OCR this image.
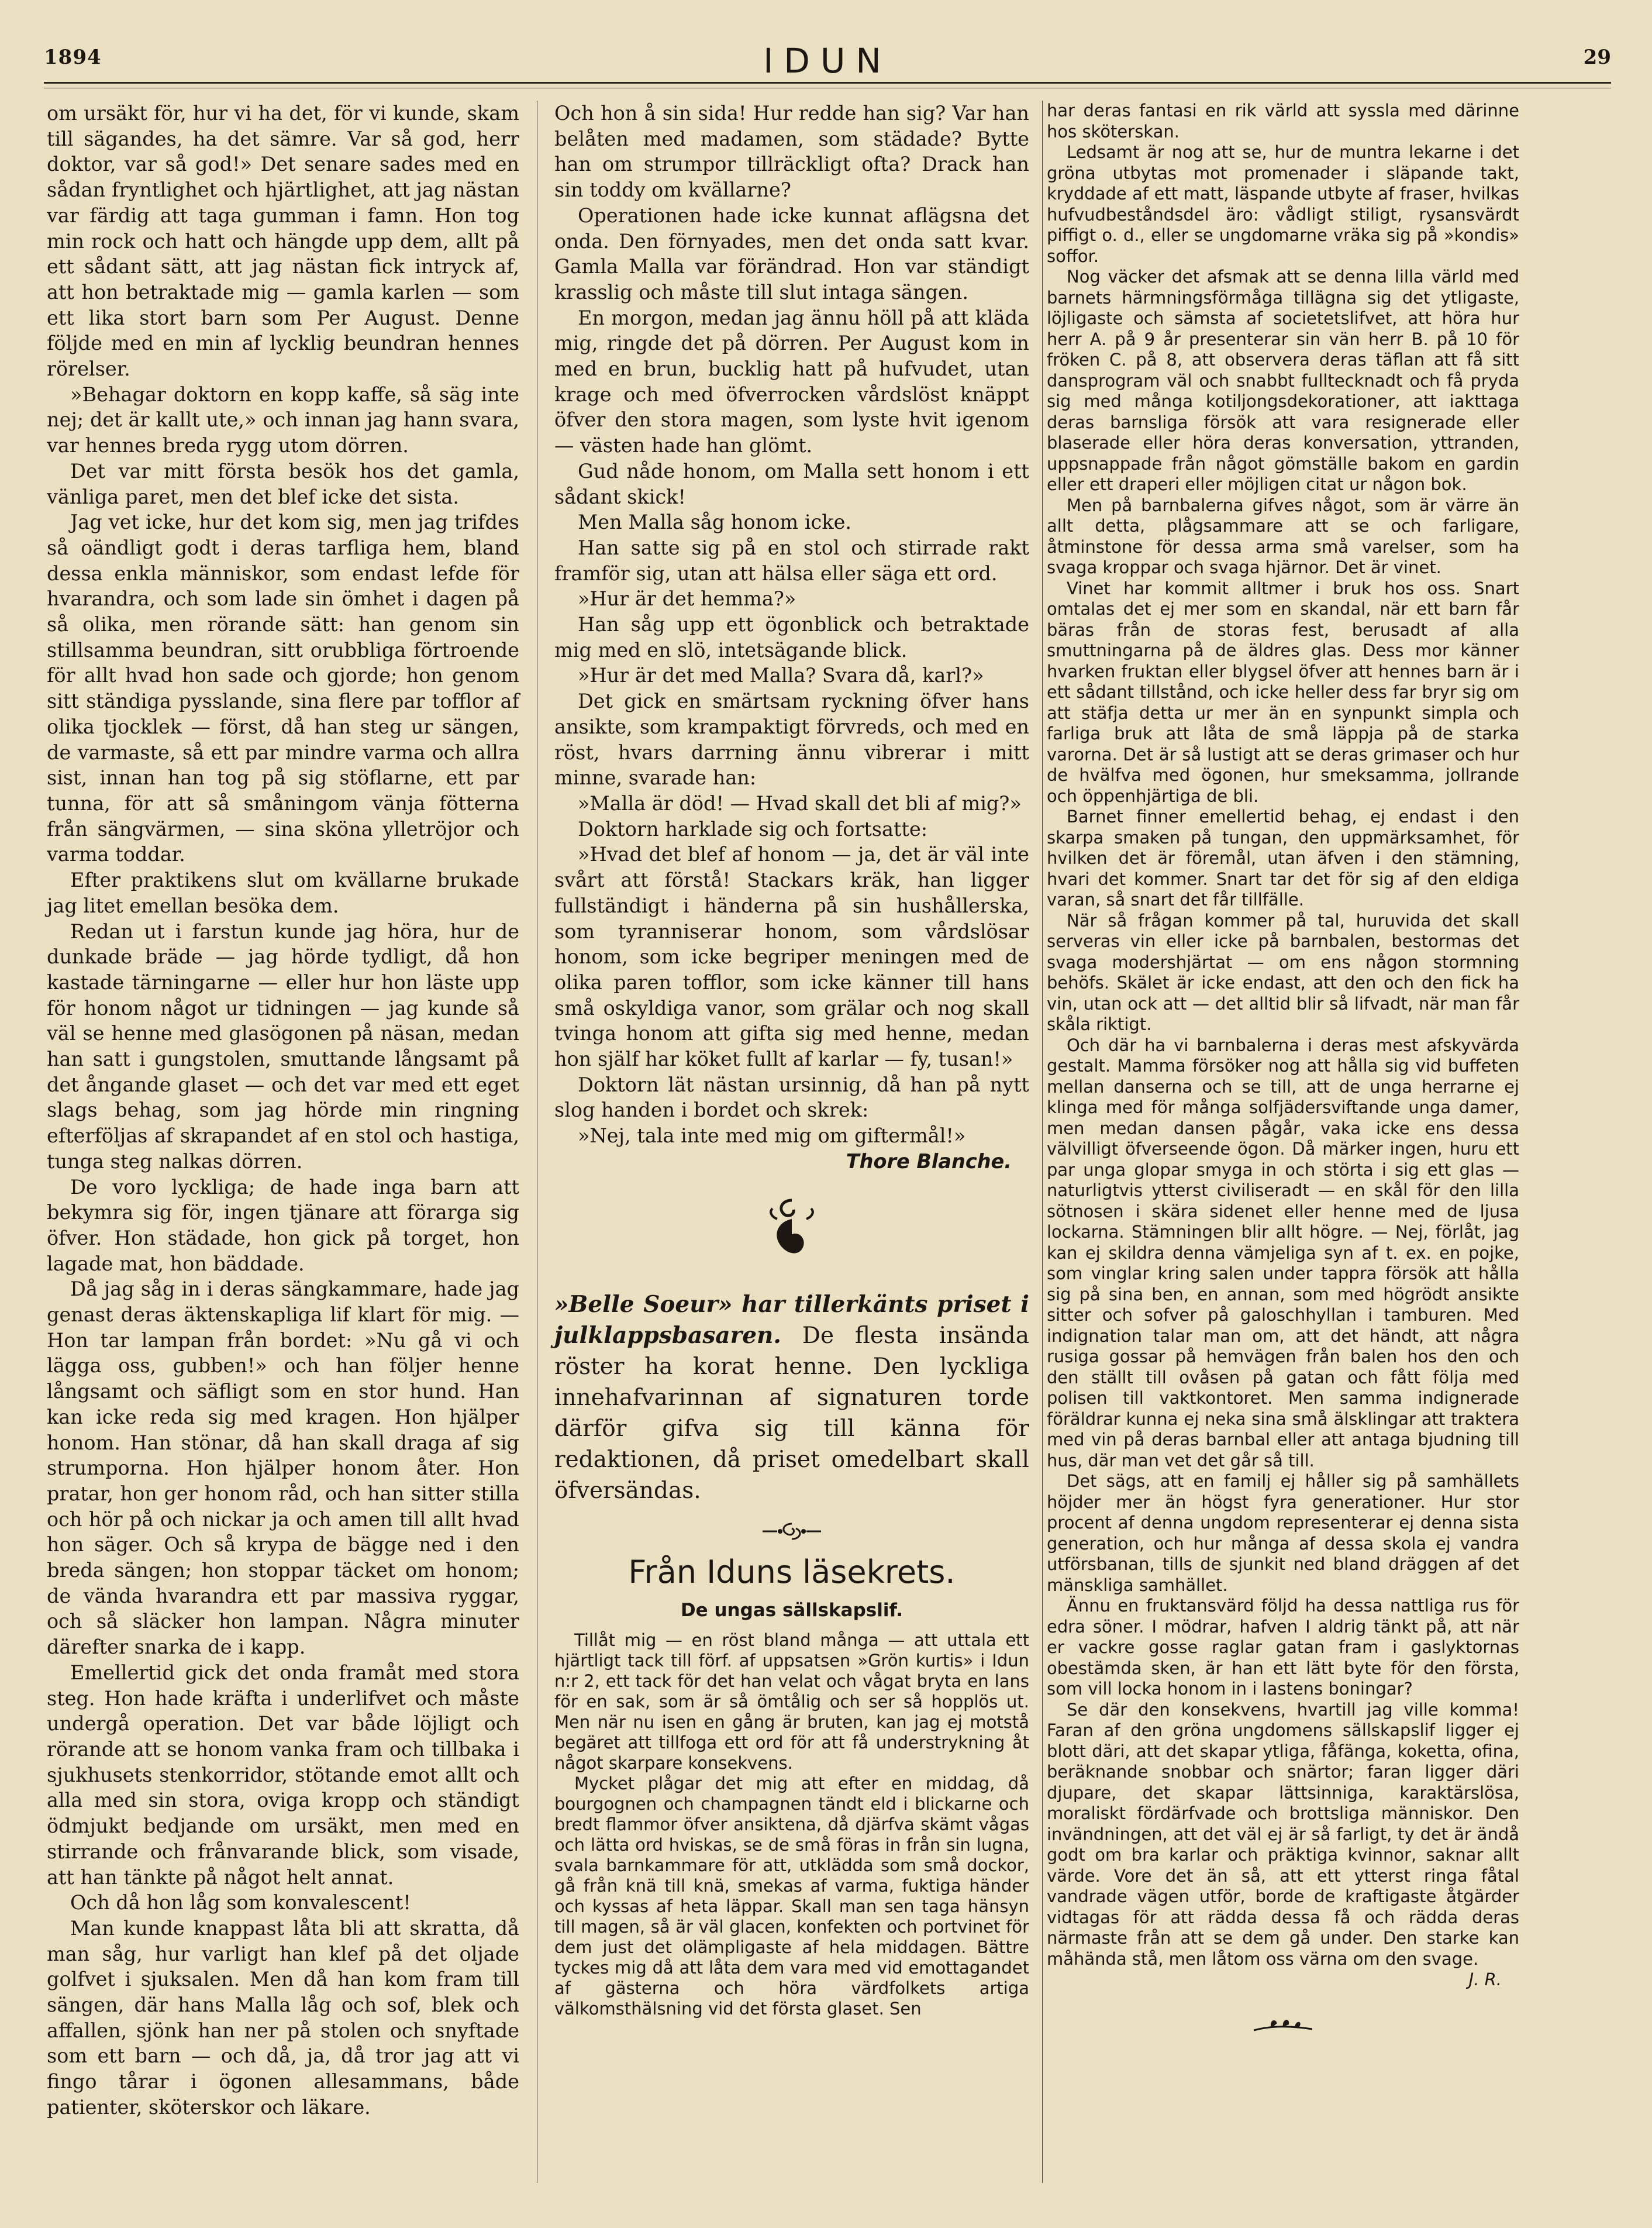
1894	IDUN	29

om ursäkt för, hur vi ha det, för vi kunde, skam till sägandes, ha det sämre. Var så god, herr doktor, var så god!» Det senare sades med en sådan fryntlighet och hjärtlighet, att jag nästan var färdig att taga gumman i famn. Hon tog min rock och hatt och hängde upp dem, allt på ett sådant sätt, att jag nästan fick intryck af, att hon betraktade mig — gamla karlen — som ett lika stort barn som Per August. Denne följde med en min af lycklig beundran hennes rörelser.

»Behagar doktorn en kopp kaffe, så säg inte nej; det är kallt ute,» och innan jag hann svara, var hennes breda rygg utom dörren.

Det var mitt första besök hos det gamla, vänliga paret, men det blef icke det sista.

Jag vet icke, hur det kom sig, men jag trifdes så oändligt godt i deras tarfliga hem, bland dessa enkla människor, som endast lefde för hvarandra, och som lade sin ömhet i dagen på så olika, men rörande sätt: han genom sin stillsamma beundran, sitt orubbliga förtroende för allt hvad hon sade och gjorde; hon genom sitt ständiga pysslande, sina flere par tofflor af olika tjocklek — först, då han steg ur sängen, de varmaste, så ett par mindre varma och allra sist, innan han tog på sig stöflarne, ett par tunna, för att så småningom vänja fötterna från sängvärmen, — sina sköna ylletröjor och varma toddar.

Efter praktikens slut om kvällarne brukade jag litet emellan besöka dem.

Redan ut i farstun kunde jag höra, hur de dunkade bräde — jag hörde tydligt, då hon kastade tärningarne — eller hur hon läste upp för honom något ur tidningen — jag kunde så väl se henne med glasögonen på näsan, medan han satt i gungstolen, smuttande långsamt på det ångande glaset — och det var med ett eget slags behag, som jag hörde min ringning efterföljas af skrapandet af en stol och hastiga, tunga steg nalkas dörren.

De voro lyckliga; de hade inga barn att bekymra sig för, ingen tjänare att förarga sig öfver. Hon städade, hon gick på torget, hon lagade mat, hon bäddade.

Då jag såg in i deras sängkammare, hade jag genast deras äktenskapliga lif klart för mig. — Hon tar lampan från bordet: »Nu gå vi och lägga oss, gubben!» och han följer henne långsamt och säfligt som en stor hund. Han kan icke reda sig med kragen. Hon hjälper honom. Han stönar, då han skall draga af sig strumporna. Hon hjälper honom åter. Hon pratar, hon ger honom råd, och han sitter stilla och hör på och nickar ja och amen till allt hvad hon säger. Och så krypa de bägge ned i den breda sängen; hon stoppar täcket om honom; de vända hvarandra ett par massiva ryggar, och så släcker hon lampan. Några minuter därefter snarka de i kapp.

Emellertid gick det onda framåt med stora steg. Hon hade kräfta i underlifvet och måste undergå operation. Det var både löjligt och rörande att se honom vanka fram och tillbaka i sjukhusets stenkorridor, stötande emot allt och alla med sin stora, oviga kropp och ständigt ödmjukt bedjande om ursäkt, men med en stirrande och frånvarande blick, som visade, att han tänkte på något helt annat.

Och då hon låg som konvalescent!

Man kunde knappast låta bli att skratta, då man såg, hur varligt han klef på det oljade golfvet i sjuksalen. Men då han kom fram till sängen, där hans Malla låg och sof, blek och affallen, sjönk han ner på stolen och snyftade som ett barn — och då, ja, då tror jag att vi fingo tårar i ögonen allesammans, både patienter, sköterskor och läkare.

Och hon å sin sida! Hur redde han sig? Var han belåten med madamen, som städade? Bytte han om strumpor tillräckligt ofta? Drack han sin toddy om kvällarne?

Operationen hade icke kunnat aflägsna det onda. Den förnyades, men det onda satt kvar. Gamla Malla var förändrad. Hon var ständigt krasslig och måste till slut intaga sängen.

En morgon, medan jag ännu höll på att kläda mig, ringde det på dörren. Per August kom in med en brun, bucklig hatt på hufvudet, utan krage och med öfverrocken vårdslöst knäppt öfver den stora magen, som lyste hvit igenom — västen hade han glömt.

Gud nåde honom, om Malla sett honom i ett sådant skick!

Men Malla såg honom icke.

Han satte sig på en stol och stirrade rakt framför sig, utan att hälsa eller säga ett ord.

»Hur är det hemma?»

Han såg upp ett ögonblick och betraktade mig med en slö, intetsägande blick.

»Hur är det med Malla? Svara då, karl?»

Det gick en smärtsam ryckning öfver hans ansikte, som krampaktigt förvreds, och med en röst, hvars darrning ännu vibrerar i mitt minne, svarade han:

»Malla är död! — Hvad skall det bli af mig?»

Doktorn harklade sig och fortsatte:

»Hvad det blef af honom — ja, det är väl inte svårt att förstå! Stackars kräk, han ligger fullständigt i händerna på sin hushållerska, som tyranniserar honom, som vårdslösar honom, som icke begriper meningen med de olika paren tofflor, som icke känner till hans små oskyldiga vanor, som grälar och nog skall tvinga honom att gifta sig med henne, medan hon själf har köket fullt af karlar — fy, tusan!»

Doktorn lät nästan ursinnig, då han på nytt slog handen i bordet och skrek:

»Nej, tala inte med mig om giftermål!»

Thore Blanche.
»Belle Soeur» har tillerkänts priset i julklappsbasaren. De flesta insända röster ha korat henne. Den lyckliga innehafvarinnan af signaturen torde därför gifva sig till känna för redaktionen, då priset omedelbart skall öfversändas.
Från Iduns läsekrets.
De ungas sällskapslif.

Tillåt mig — en röst bland många — att uttala ett hjärtligt tack till förf. af uppsatsen »Grön kurtis» i Idun n:r 2, ett tack för det han velat och vågat bryta en lans för en sak, som är så ömtålig och ser så hopplös ut. Men när nu isen en gång är bruten, kan jag ej motstå begäret att tillfoga ett ord för att få understrykning åt något skarpare konsekvens.

Mycket plågar det mig att efter en middag, då bourgognen och champagnen tändt eld i blickarne och bredt flammor öfver ansiktena, då djärfva skämt vågas och lätta ord hviskas, se de små föras in från sin lugna, svala barnkammare för att, utklädda som små dockor, gå från knä till knä, smekas af varma, fuktiga händer och kyssas af heta läppar. Skall man sen taga hänsyn till magen, så är väl glacen, konfekten och portvinet för dem just det olämpligaste af hela middagen. Bättre tyckes mig då att låta dem vara med vid emottagandet af gästerna och höra värdfolkets artiga välkomsthälsning vid det första glaset. Sen

har deras fantasi en rik värld att syssla med därinne hos sköterskan.

Ledsamt är nog att se, hur de muntra lekarne i det gröna utbytas mot promenader i släpande takt, kryddade af ett matt, läspande utbyte af fraser, hvilkas hufvudbeståndsdel äro: vådligt stiligt, rysansvärdt piffigt o. d., eller se ungdomarne vräka sig på »kondis» soffor.

Nog väcker det afsmak att se denna lilla värld med barnets härmningsförmåga tillägna sig det ytligaste, löjligaste och sämsta af societetslifvet, att höra hur herr A. på 9 år presenterar sin vän herr B. på 10 för fröken C. på 8, att observera deras täflan att få sitt dansprogram väl och snabbt fulltecknadt och få pryda sig med många kotiljongsdekorationer, att iakttaga deras barnsliga försök att vara resignerade eller blaserade eller höra deras konversation, yttranden, uppsnappade från något gömställe bakom en gardin eller ett draperi eller möjligen citat ur någon bok.

Men på barnbalerna gifves något, som är värre än allt detta, plågsammare att se och farligare, åtminstone för dessa arma små varelser, som ha svaga kroppar och svaga hjärnor. Det är vinet.

Vinet har kommit alltmer i bruk hos oss. Snart omtalas det ej mer som en skandal, när ett barn får bäras från de storas fest, berusadt af alla smuttningarna på de äldres glas. Dess mor känner hvarken fruktan eller blygsel öfver att hennes barn är i ett sådant tillstånd, och icke heller dess far bryr sig om att stäfja detta ur mer än en synpunkt simpla och farliga bruk att låta de små läppja på de starka varorna. Det är så lustigt att se deras grimaser och hur de hvälfva med ögonen, hur smeksamma, jollrande och öppenhjärtiga de bli.

Barnet finner emellertid behag, ej endast i den skarpa smaken på tungan, den uppmärksamhet, för hvilken det är föremål, utan äfven i den stämning, hvari det kommer. Snart tar det för sig af den eldiga varan, så snart det får tillfälle.

När så frågan kommer på tal, huruvida det skall serveras vin eller icke på barnbalen, bestormas det svaga modershjärtat — om ens någon stormning behöfs. Skälet är icke endast, att den och den fick ha vin, utan ock att — det alltid blir så lifvadt, när man får skåla riktigt.

Och där ha vi barnbalerna i deras mest afskyvärda gestalt. Mamma försöker nog att hålla sig vid buffeten mellan danserna och se till, att de unga herrarne ej klinga med för många solfjädersviftande unga damer, men medan dansen pågår, vaka icke ens dessa välvilligt öfverseende ögon. Då märker ingen, huru ett par unga glopar smyga in och störta i sig ett glas — naturligtvis ytterst civiliseradt — en skål för den lilla sötnosen i skära sidenet eller henne med de ljusa lockarna. Stämningen blir allt högre. — Nej, förlåt, jag kan ej skildra denna vämjeliga syn af t. ex. en pojke, som vinglar kring salen under tappra försök att hålla sig på sina ben, en annan, som med högrödt ansikte sitter och sofver på galoschhyllan i tamburen. Med indignation talar man om, att det händt, att några rusiga gossar på hemvägen från balen hos den och den ställt till ovåsen på gatan och fått följa med polisen till vaktkontoret. Men samma indignerade föräldrar kunna ej neka sina små älsklingar att traktera med vin på deras barnbal eller att antaga bjudning till hus, där man vet det går så till.

Det sägs, att en familj ej håller sig på samhällets höjder mer än högst fyra generationer. Hur stor procent af denna ungdom representerar ej denna sista generation, och hur många af dessa skola ej vandra utförsbanan, tills de sjunkit ned bland dräggen af det mänskliga samhället.

Ännu en fruktansvärd följd ha dessa nattliga rus för edra söner. I mödrar, hafven I aldrig tänkt på, att när er vackre gosse raglar gatan fram i gaslyktornas obestämda sken, är han ett lätt byte för den första, som vill locka honom in i lastens boningar?

Se där den konsekvens, hvartill jag ville komma! Faran af den gröna ungdomens sällskapslif ligger ej blott däri, att det skapar ytliga, fåfänga, koketta, ofina, beräknande snobbar och snärtor; faran ligger däri djupare, det skapar lättsinniga, karaktärslösa, moraliskt fördärfvade och brottsliga människor. Den invändningen, att det väl ej är så farligt, ty det är ändå godt om bra karlar och präktiga kvinnor, saknar allt värde. Vore det än så, att ett ytterst ringa fåtal vandrade vägen utför, borde de kraftigaste åtgärder vidtagas för att rädda dessa få och rädda deras närmaste från att se dem gå under. Den starke kan måhända stå, men låtom oss värna om den svage.

J. R.
